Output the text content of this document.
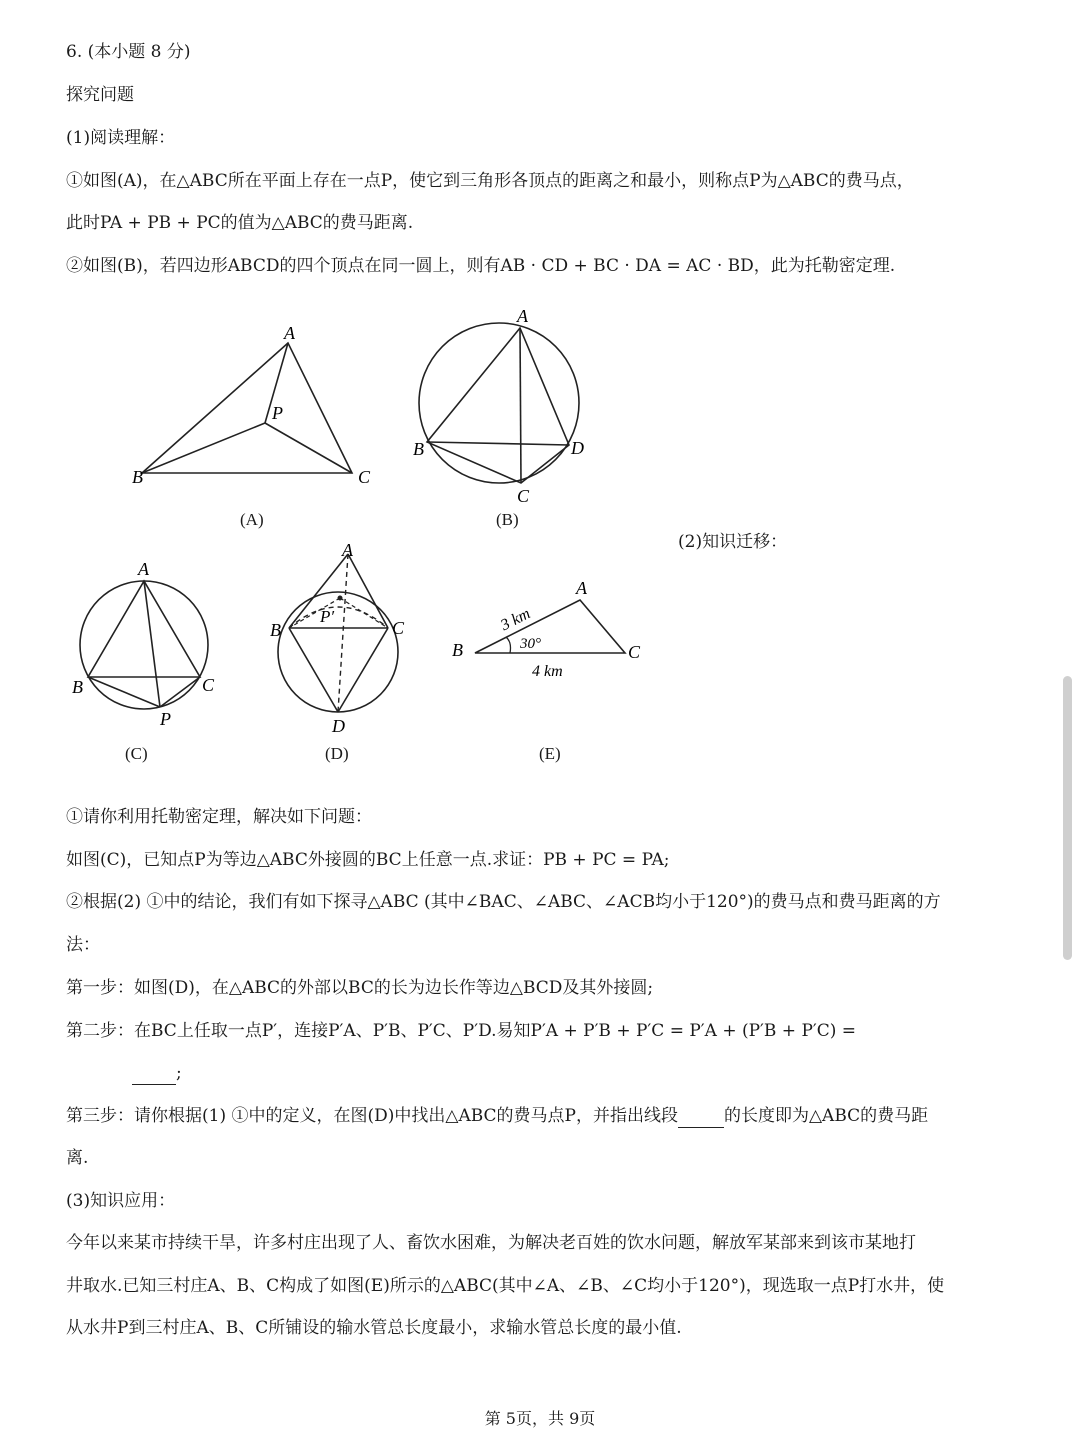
6. (本小题 8 分)
探究问题
(1)阅读理解：
①如图(A)，在△ABC所在平面上存在一点P，使它到三角形各顶点的距离之和最小，则称点P为△ABC的费马点，
此时PA + PB + PC的值为△ABC的费马距离.
②如图(B)，若四边形ABCD的四个顶点在同一圆上，则有AB · CD + BC · DA = AC · BD，此为托勒密定理.
A
B	C
P
(A)
A
B
C
D
(B)
(2)知识迁移：
A
B	C
P
(C)
A
B	C
D
P′
(D)
A
B	C
3 km
30°
4 km
(E)
①请你利用托勒密定理，解决如下问题：
如图(C)，已知点P为等边△ABC外接圆的BC上任意一点.求证：PB + PC = PA;
②根据(2) ①中的结论，我们有如下探寻△ABC (其中∠BAC、∠ABC、∠ACB均小于120°)的费马点和费马距离的方
法：
第一步：如图(D)，在△ABC的外部以BC的长为边长作等边△BCD及其外接圆;
第二步：在BC上任取一点P′，连接P′A、P′B、P′C、P′D.易知P′A + P′B + P′C = P′A + (P′B + P′C) =
;
第三步：请你根据(1) ①中的定义，在图(D)中找出△ABC的费马点P，并指出线段	的长度即为△ABC的费马距
离.
(3)知识应用：
今年以来某市持续干旱，许多村庄出现了人、畜饮水困难，为解决老百姓的饮水问题，解放军某部来到该市某地打
井取水.已知三村庄A、B、C构成了如图(E)所示的△ABC(其中∠A、∠B、∠C均小于120°)，现选取一点P打水井，使
从水井P到三村庄A、B、C所铺设的输水管总长度最小，求输水管总长度的最小值.
第 5页，共 9页
